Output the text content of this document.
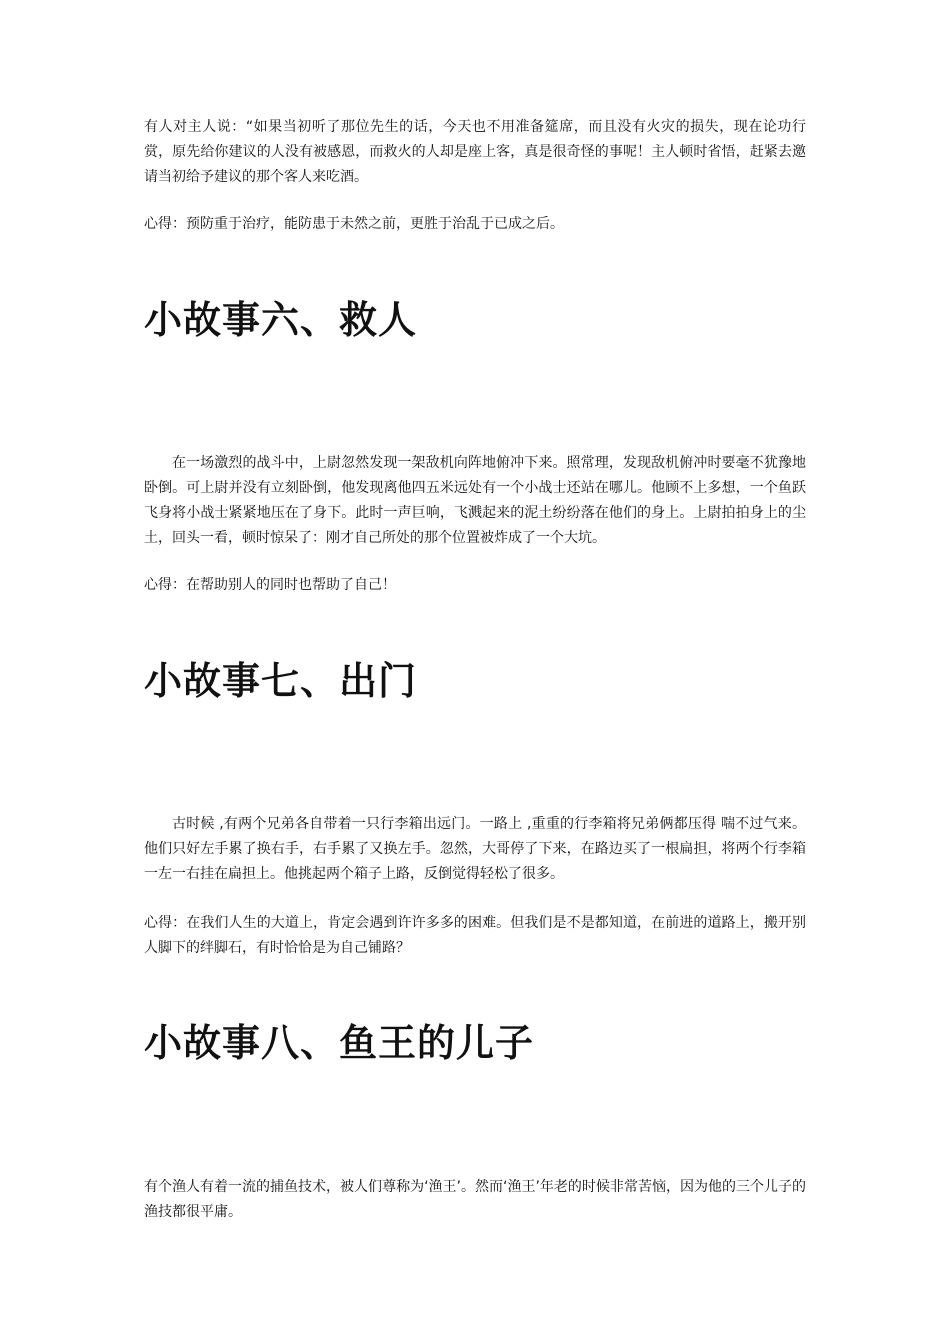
有人对主人说：“如果当初听了那位先生的话，今天也不用准备筵席，而且没有火灾的损失，现在论功行赏，原先给你建议的人没有被感恩，而救火的人却是座上客，真是很奇怪的事呢！主人顿时省悟，赶紧去邀请当初给予建议的那个客人来吃酒。

心得：预防重于治疗，能防患于未然之前，更胜于治乱于已成之后。

小故事六、救人

在一场激烈的战斗中，上尉忽然发现一架敌机向阵地俯冲下来。照常理，发现敌机俯冲时要毫不犹豫地卧倒。可上尉并没有立刻卧倒，他发现离他四五米远处有一个小战士还站在哪儿。他顾不上多想，一个鱼跃飞身将小战士紧紧地压在了身下。此时一声巨响，飞溅起来的泥土纷纷落在他们的身上。上尉拍拍身上的尘土，回头一看，顿时惊呆了：刚才自己所处的那个位置被炸成了一个大坑。

心得：在帮助别人的同时也帮助了自己！

小故事七、出门

古时候 ,有两个兄弟各自带着一只行李箱出远门。一路上 ,重重的行李箱将兄弟俩都压得 喘不过气来。他们只好左手累了换右手，右手累了又换左手。忽然，大哥停了下来，在路边买了一根扁担，将两个行李箱一左一右挂在扁担上。他挑起两个箱子上路，反倒觉得轻松了很多。

心得：在我们人生的大道上，肯定会遇到许许多多的困难。但我们是不是都知道，在前进的道路上，搬开别人脚下的绊脚石，有时恰恰是为自己铺路？

小故事八、鱼王的儿子

有个渔人有着一流的捕鱼技术，被人们尊称为‘渔王’。然而‘渔王’年老的时候非常苦恼，因为他的三个儿子的渔技都很平庸。
